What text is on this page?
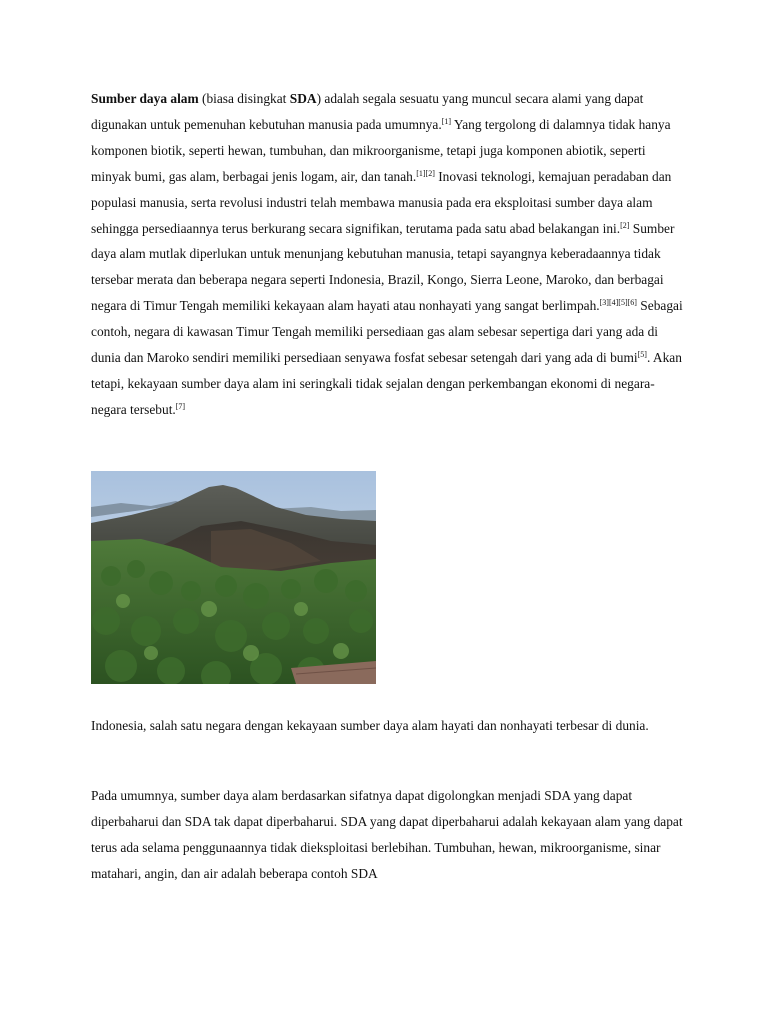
Sumber daya alam (biasa disingkat SDA) adalah segala sesuatu yang muncul secara alami yang dapat digunakan untuk pemenuhan kebutuhan manusia pada umumnya.[1] Yang tergolong di dalamnya tidak hanya komponen biotik, seperti hewan, tumbuhan, dan mikroorganisme, tetapi juga komponen abiotik, seperti minyak bumi, gas alam, berbagai jenis logam, air, dan tanah.[1][2] Inovasi teknologi, kemajuan peradaban dan populasi manusia, serta revolusi industri telah membawa manusia pada era eksploitasi sumber daya alam sehingga persediaannya terus berkurang secara signifikan, terutama pada satu abad belakangan ini.[2] Sumber daya alam mutlak diperlukan untuk menunjang kebutuhan manusia, tetapi sayangnya keberadaannya tidak tersebar merata dan beberapa negara seperti Indonesia, Brazil, Kongo, Sierra Leone, Maroko, dan berbagai negara di Timur Tengah memiliki kekayaan alam hayati atau nonhayati yang sangat berlimpah.[3][4][5][6] Sebagai contoh, negara di kawasan Timur Tengah memiliki persediaan gas alam sebesar sepertiga dari yang ada di dunia dan Maroko sendiri memiliki persediaan senyawa fosfat sebesar setengah dari yang ada di bumi[5]. Akan tetapi, kekayaan sumber daya alam ini seringkali tidak sejalan dengan perkembangan ekonomi di negara-negara tersebut.[7]

Indonesia, salah satu negara dengan kekayaan sumber daya alam hayati dan nonhayati terbesar di dunia.

Pada umumnya, sumber daya alam berdasarkan sifatnya dapat digolongkan menjadi SDA yang dapat diperbaharui dan SDA tak dapat diperbaharui. SDA yang dapat diperbaharui adalah kekayaan alam yang dapat terus ada selama penggunaannya tidak dieksploitasi berlebihan. Tumbuhan, hewan, mikroorganisme, sinar matahari, angin, dan air adalah beberapa contoh SDA
